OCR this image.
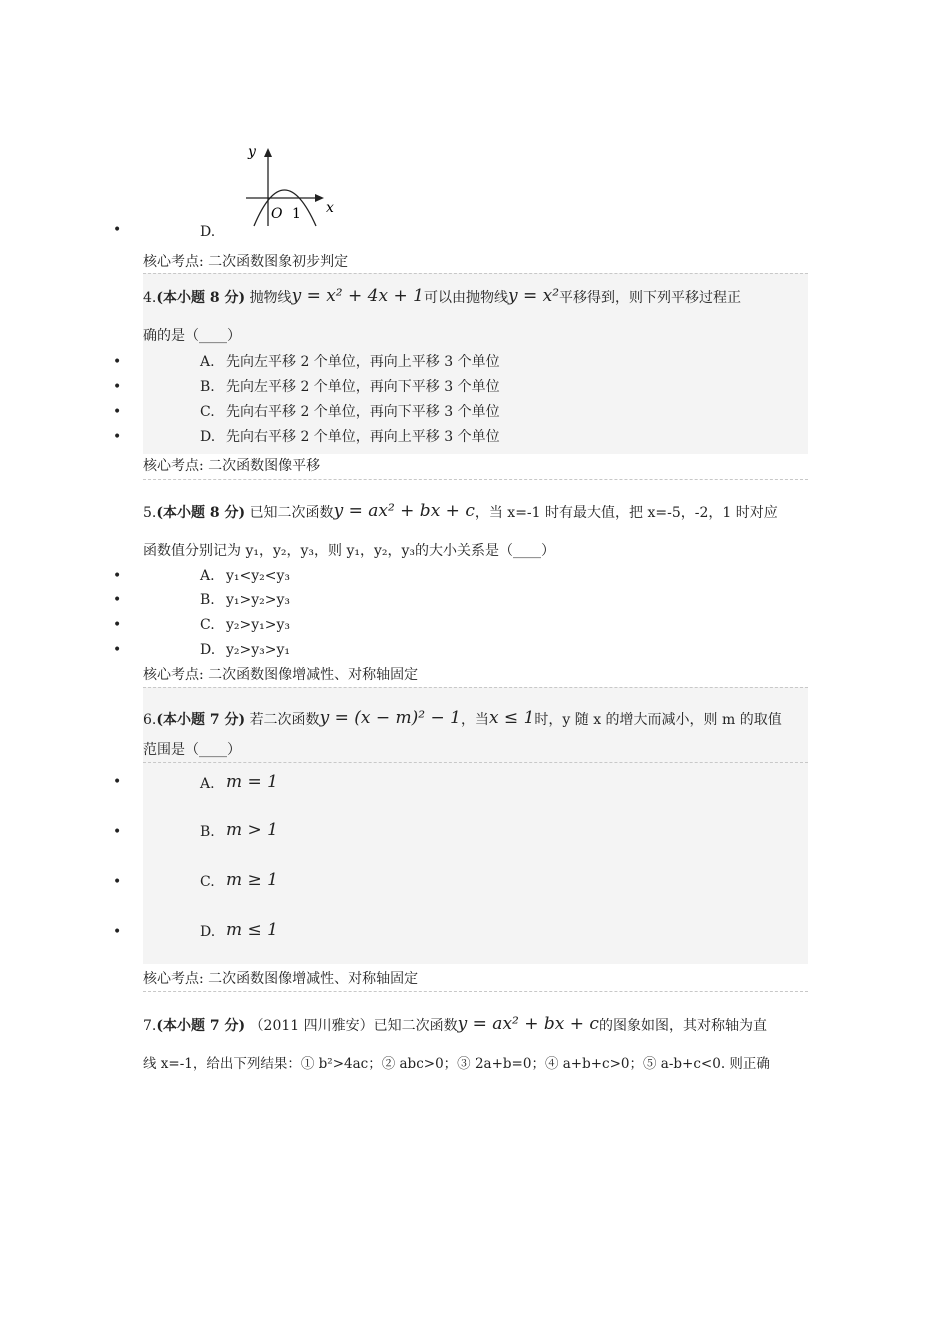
•	D.
y
x
O 1
核心考点: 二次函数图象初步判定
4.(本小题 8 分) 抛物线y = x² + 4x + 1可以由抛物线y = x²平移得到，则下列平移过程正
确的是（____）
•	A. 先向左平移 2 个单位，再向上平移 3 个单位
•	B. 先向左平移 2 个单位，再向下平移 3 个单位
•	C. 先向右平移 2 个单位，再向下平移 3 个单位
•	D. 先向右平移 2 个单位，再向上平移 3 个单位
核心考点: 二次函数图像平移
5.(本小题 8 分) 已知二次函数y = ax² + bx + c，当 x=-1 时有最大值，把 x=-5，-2，1 时对应
函数值分别记为 y₁，y₂，y₃，则 y₁，y₂，y₃的大小关系是（____）
•	A. y₁<y₂<y₃
•	B. y₁>y₂>y₃
•	C. y₂>y₁>y₃
•	D. y₂>y₃>y₁
核心考点: 二次函数图像增减性、对称轴固定
6.(本小题 7 分) 若二次函数y = (x − m)² − 1，当x ≤ 1时，y 随 x 的增大而减小，则 m 的取值
范围是（____）
•	A. m = 1
•	B. m > 1
•	C. m ≥ 1
•	D. m ≤ 1
核心考点: 二次函数图像增减性、对称轴固定
7.(本小题 7 分) （2011 四川雅安）已知二次函数y = ax² + bx + c的图象如图，其对称轴为直
线 x=-1，给出下列结果：① b²>4ac；② abc>0；③ 2a+b=0；④ a+b+c>0；⑤ a-b+c<0. 则正确
